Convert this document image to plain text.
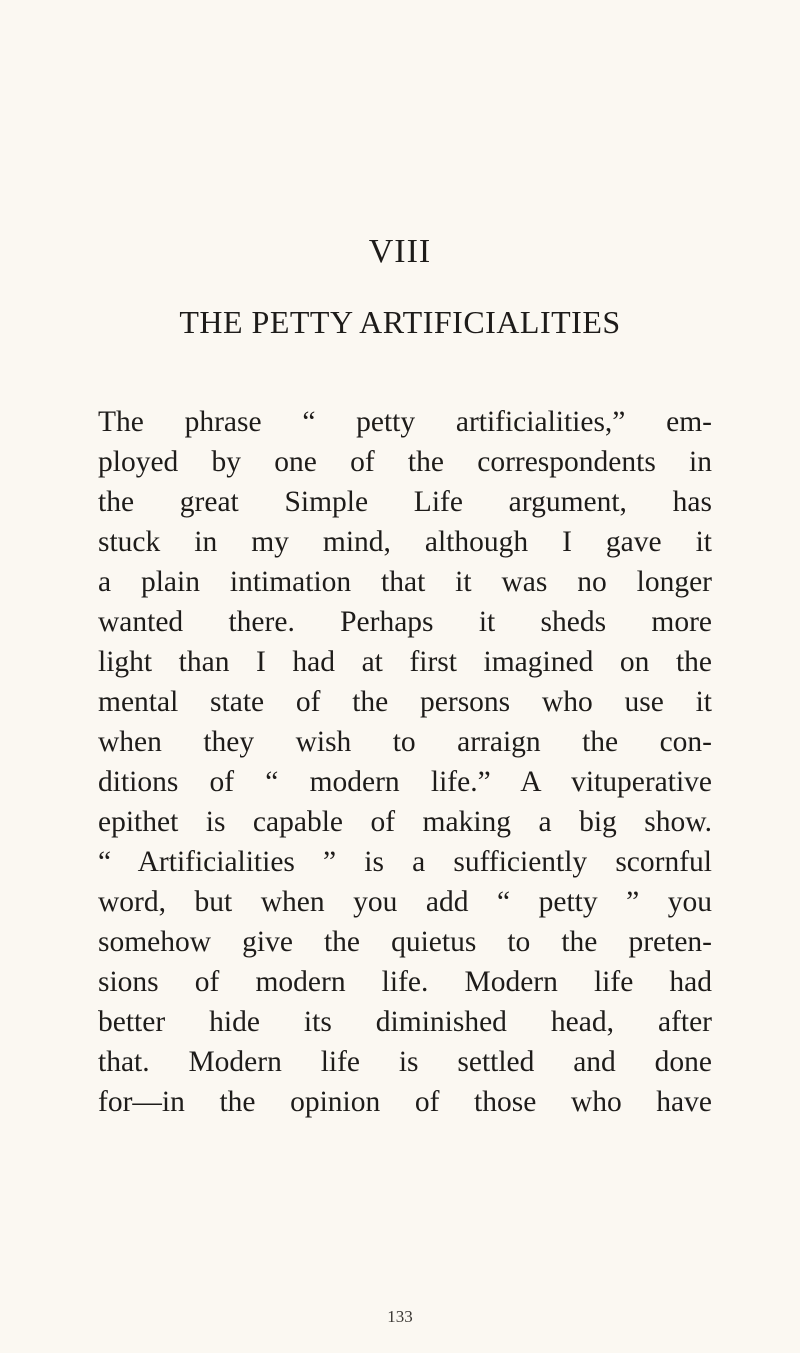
VIII
THE PETTY ARTIFICIALITIES
The phrase “ petty artificialities,” em-
ployed by one of the correspondents in
the great Simple Life argument, has
stuck in my mind, although I gave it
a plain intimation that it was no longer
wanted there. Perhaps it sheds more
light than I had at first imagined on the
mental state of the persons who use it
when they wish to arraign the con-
ditions of “ modern life.” A vituperative
epithet is capable of making a big show.
“ Artificialities ” is a sufficiently scornful
word, but when you add “ petty ” you
somehow give the quietus to the preten-
sions of modern life. Modern life had
better hide its diminished head, after
that. Modern life is settled and done
for—in the opinion of those who have
133
